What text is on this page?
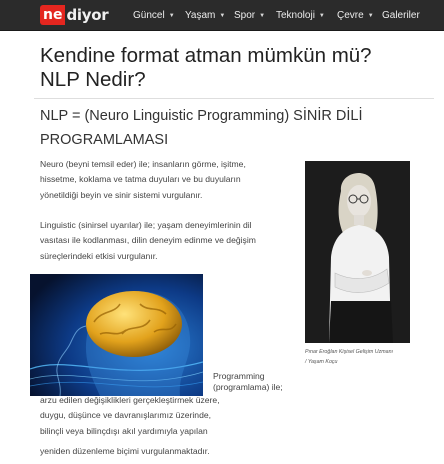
ne diyor Güncel ▼ Yaşam ▼ Spor ▼ Teknoloji ▼ Çevre ▼ Galeriler
Kendine format atman mümkün mü?
NLP Nedir?
NLP = (Neuro Linguistic Programming) SİNİR DİLİ
PROGRAMLAMASI

Neuro (beyni temsil eder) ile; insanların görme, işitme,
hissetme, koklama ve tatma duyuları ve bu duyuların
yönetildiği beyin ve sinir sistemi vurgulanır.

Linguistic (sinirsel uyarılar) ile; yaşam deneyimlerinin dil
vasıtası ile kodlanması, dilin deneyim edinme ve değişim
süreçlerindeki etkisi vurgulanır.

Pınar Eroğlan Kişisel Gelişim Uzmanı
/ Yaşam Koçu
Programming
(programlama) ile;

arzu edilen değişiklikleri gerçekleştirmek üzere,
duygu, düşünce ve davranışlarımız üzerinde,
bilinçli veya bilinçdışı akıl yardımıyla yapılan

yeniden düzenleme biçimi vurgulanmaktadır.
